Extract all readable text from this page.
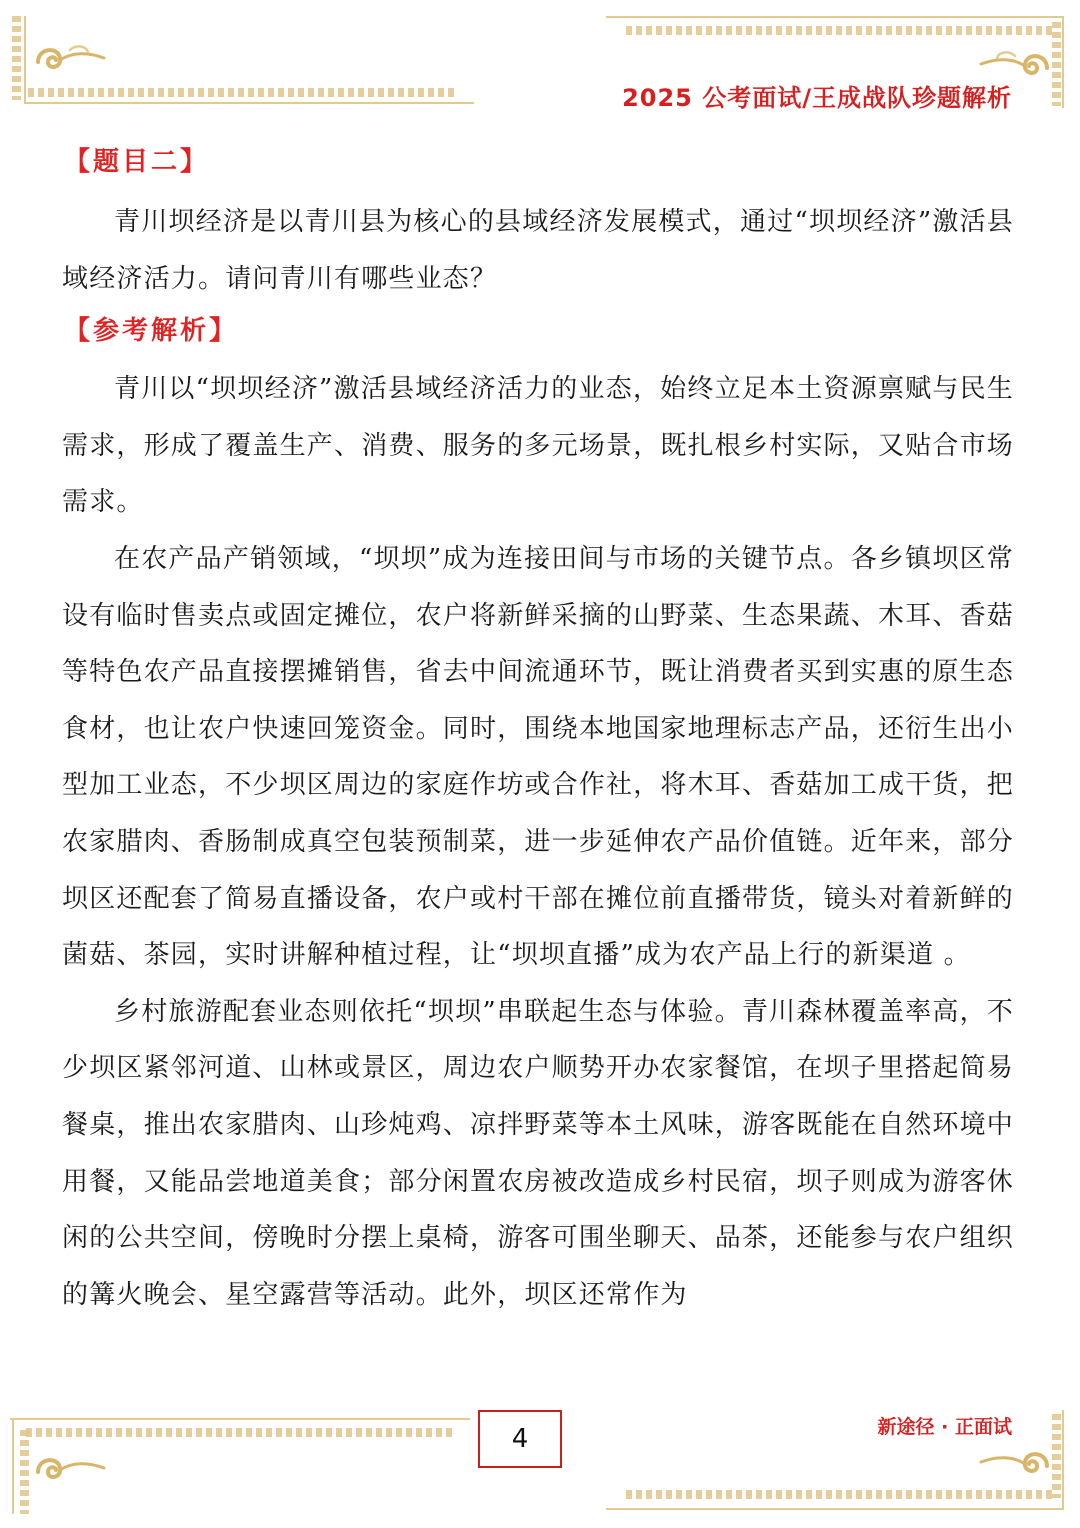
2025 公考面试/王成战队珍题解析
【题目二】

青川坝经济是以青川县为核心的县域经济发展模式，通过“坝坝经济”激活县域经济活力。请问青川有哪些业态？

【参考解析】

青川以“坝坝经济”激活县域经济活力的业态，始终立足本土资源禀赋与民生需求，形成了覆盖生产、消费、服务的多元场景，既扎根乡村实际，又贴合市场需求。

在农产品产销领域，“坝坝”成为连接田间与市场的关键节点。各乡镇坝区常设有临时售卖点或固定摊位，农户将新鲜采摘的山野菜、生态果蔬、木耳、香菇等特色农产品直接摆摊销售，省去中间流通环节，既让消费者买到实惠的原生态食材，也让农户快速回笼资金。同时，围绕本地国家地理标志产品，还衍生出小型加工业态，不少坝区周边的家庭作坊或合作社，将木耳、香菇加工成干货，把农家腊肉、香肠制成真空包装预制菜，进一步延伸农产品价值链。近年来，部分坝区还配套了简易直播设备，农户或村干部在摊位前直播带货，镜头对着新鲜的菌菇、茶园，实时讲解种植过程，让“坝坝直播”成为农产品上行的新渠道 。

乡村旅游配套业态则依托“坝坝”串联起生态与体验。青川森林覆盖率高，不少坝区紧邻河道、山林或景区，周边农户顺势开办农家餐馆，在坝子里搭起简易餐桌，推出农家腊肉、山珍炖鸡、凉拌野菜等本土风味，游客既能在自然环境中用餐，又能品尝地道美食；部分闲置农房被改造成乡村民宿，坝子则成为游客休闲的公共空间，傍晚时分摆上桌椅，游客可围坐聊天、品茶，还能参与农户组织的篝火晚会、星空露营等活动。此外，坝区还常作为

4	新途径 · 正面试
